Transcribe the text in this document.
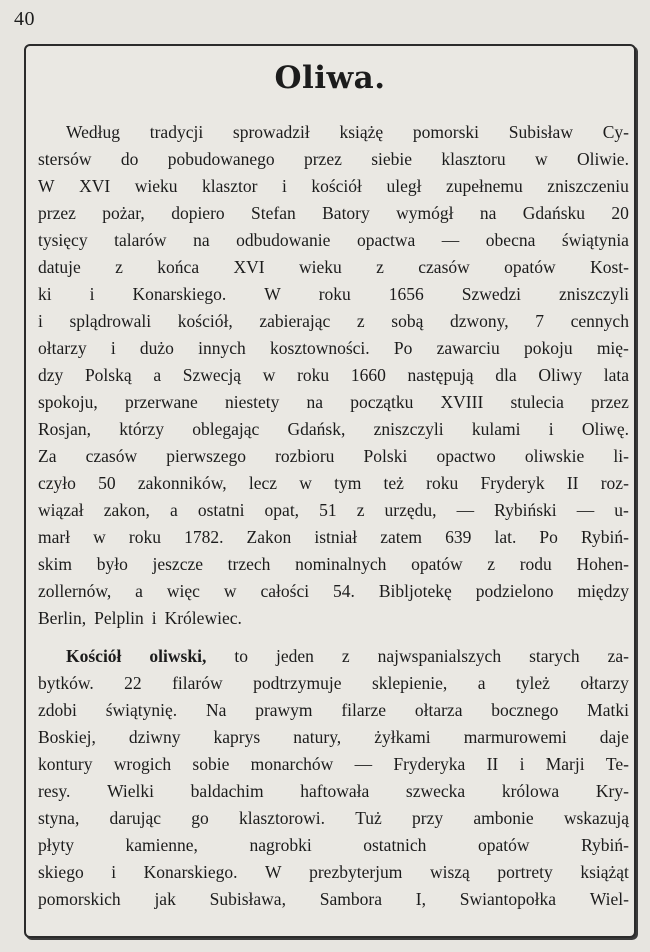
40
Oliwa.
Według tradycji sprowadził książę pomorski Subisław Cy-
stersów do pobudowanego przez siebie klasztoru w Oliwie.
W XVI wieku klasztor i kościół uległ zupełnemu zniszczeniu
przez pożar, dopiero Stefan Batory wymógł na Gdańsku 20
tysięcy talarów na odbudowanie opactwa — obecna świątynia
datuje z końca XVI wieku z czasów opatów Kost-
ki i Konarskiego. W roku 1656 Szwedzi zniszczyli
i splądrowali kościół, zabierając z sobą dzwony, 7 cennych
ołtarzy i dużo innych kosztowności. Po zawarciu pokoju mię-
dzy Polską a Szwecją w roku 1660 następują dla Oliwy lata
spokoju, przerwane niestety na początku XVIII stulecia przez
Rosjan, którzy oblegając Gdańsk, zniszczyli kulami i Oliwę.
Za czasów pierwszego rozbioru Polski opactwo oliwskie li-
czyło 50 zakonników, lecz w tym też roku Fryderyk II roz-
wiązał zakon, a ostatni opat, 51 z urzędu, — Rybiński — u-
marł w roku 1782. Zakon istniał zatem 639 lat. Po Rybiń-
skim było jeszcze trzech nominalnych opatów z rodu Hohen-
zollernów, a więc w całości 54. Bibljotekę podzielono między
Berlin, Pelplin i Królewiec.
Kościół oliwski, to jeden z najwspanialszych starych za-
bytków. 22 filarów podtrzymuje sklepienie, a tyleż ołtarzy
zdobi świątynię. Na prawym filarze ołtarza bocznego Matki
Boskiej, dziwny kaprys natury, żyłkami marmurowemi daje
kontury wrogich sobie monarchów — Fryderyka II i Marji Te-
resy. Wielki baldachim haftowała szwecka królowa Kry-
styna, darując go klasztorowi. Tuż przy ambonie wskazują
płyty	kamienne,	nagrobki	ostatnich	opatów	Rybiń-
skiego i Konarskiego. W prezbyterjum wiszą portrety książąt
pomorskich jak Subisława, Sambora I, Swiantopołka Wiel-
